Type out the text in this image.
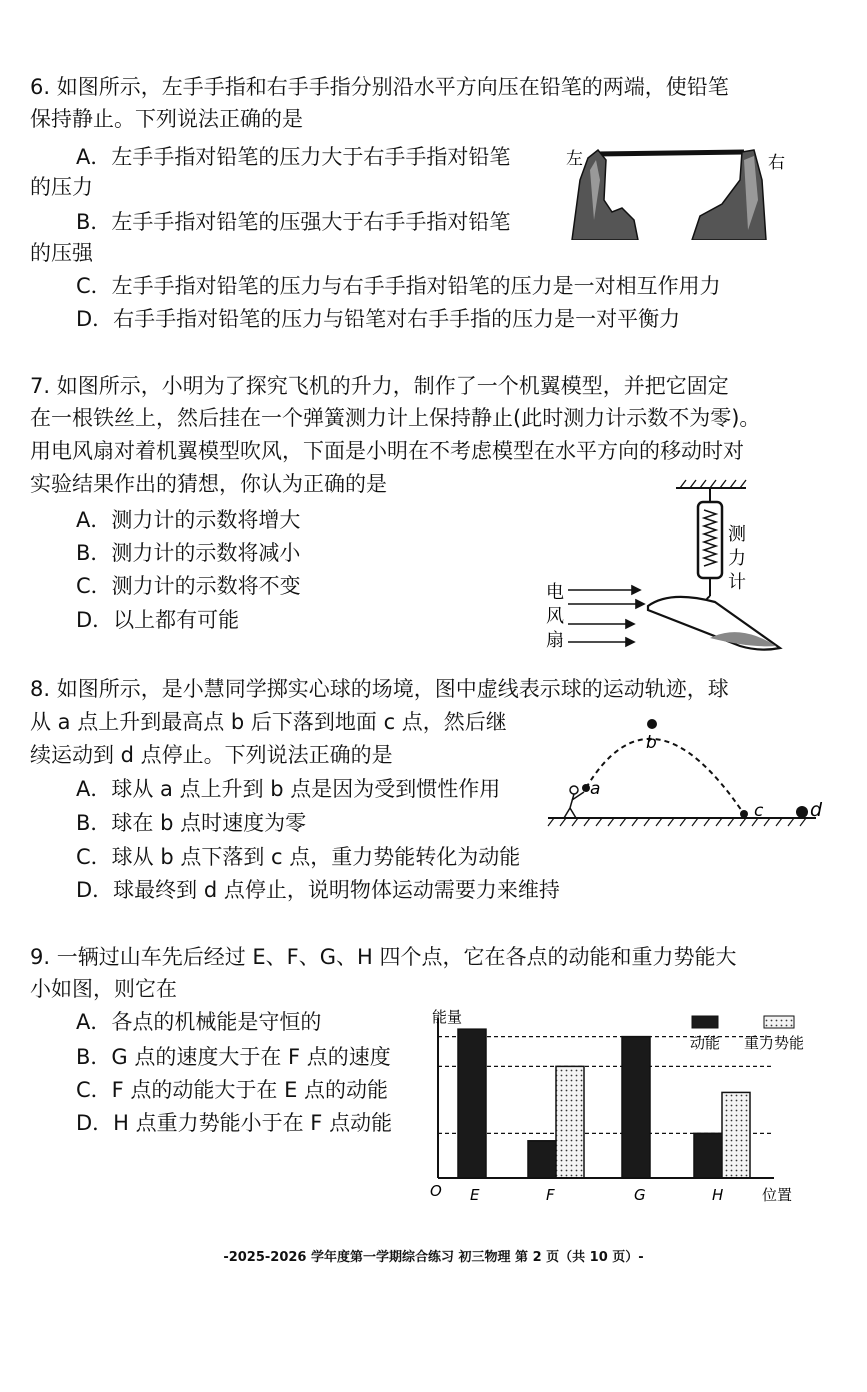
6. 如图所示，左手手指和右手手指分别沿水平方向压在铅笔的两端，使铅笔
保持静止。下列说法正确的是
A．左手手指对铅笔的压力大于右手手指对铅笔
的压力
B．左手手指对铅笔的压强大于右手手指对铅笔
的压强
C．左手手指对铅笔的压力与右手手指对铅笔的压力是一对相互作用力
D．右手手指对铅笔的压力与铅笔对右手手指的压力是一对平衡力
左	右
7. 如图所示，小明为了探究飞机的升力，制作了一个机翼模型，并把它固定
在一根铁丝上，然后挂在一个弹簧测力计上保持静止(此时测力计示数不为零)。
用电风扇对着机翼模型吹风，下面是小明在不考虑模型在水平方向的移动时对
实验结果作出的猜想，你认为正确的是
A．测力计的示数将增大
B．测力计的示数将减小
C．测力计的示数将不变
D．以上都有可能
测
力
计
电
风
扇
8. 如图所示，是小慧同学掷实心球的场境，图中虚线表示球的运动轨迹，球
从 a 点上升到最高点 b 后下落到地面 c 点，然后继
续运动到 d 点停止。下列说法正确的是
A．球从 a 点上升到 b 点是因为受到惯性作用
B．球在 b 点时速度为零
C．球从 b 点下落到 c 点，重力势能转化为动能
D．球最终到 d 点停止，说明物体运动需要力来维持
a
b
c d
9. 一辆过山车先后经过 E、F、G、H 四个点，它在各点的动能和重力势能大
小如图，则它在
A．各点的机械能是守恒的
B．G 点的速度大于在 F 点的速度
C．F 点的动能大于在 E 点的动能
D．H 点重力势能小于在 F 点动能
能量
O	位置
E	F	G	H
动能 重力势能
-2025-2026 学年度第一学期综合练习 初三物理 第 2 页（共 10 页）-
